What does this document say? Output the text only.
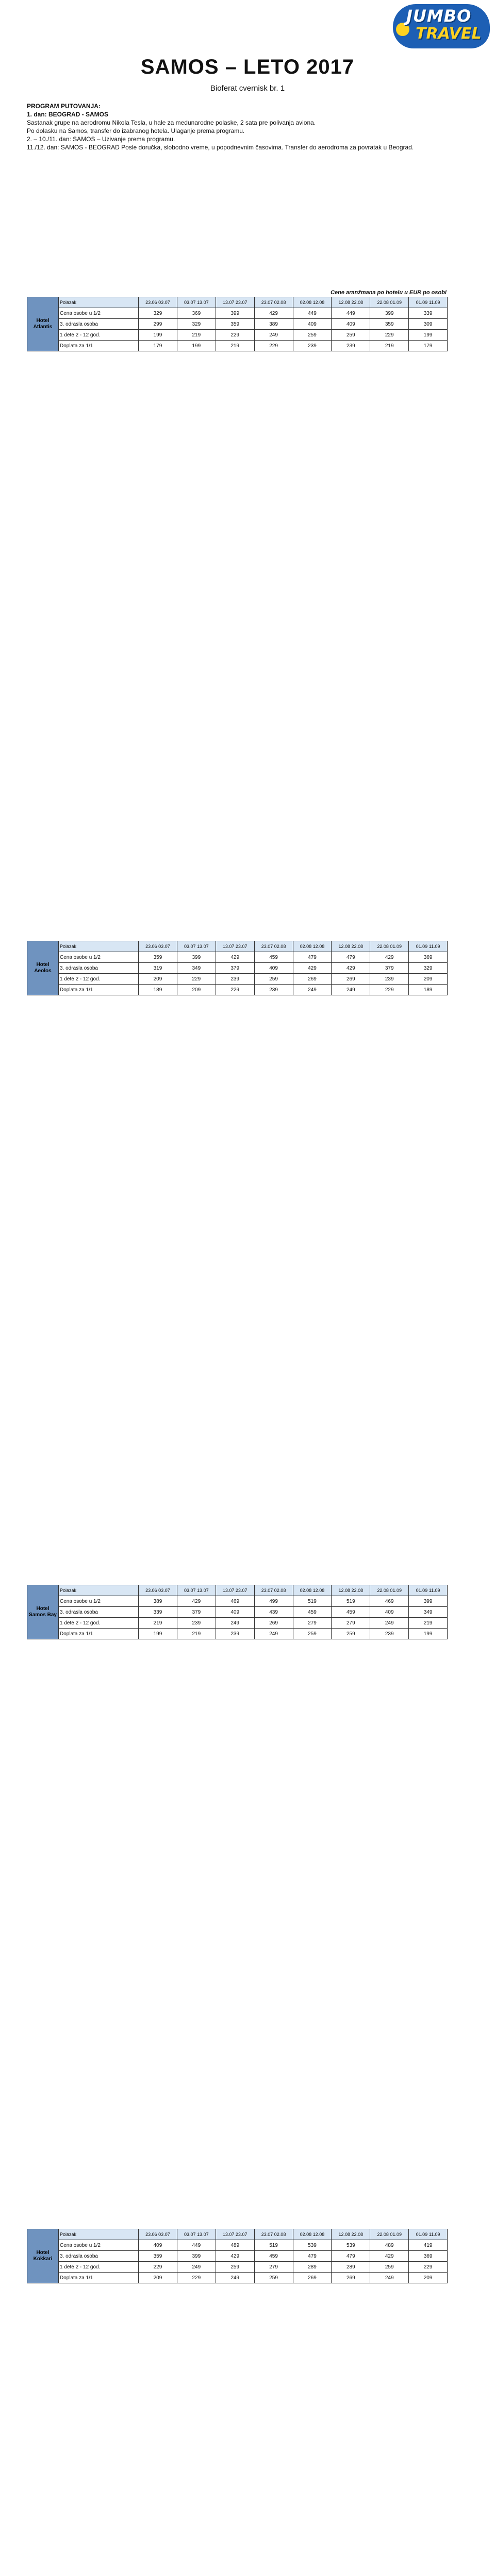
JUMBO
TRAVEL
SAMOS – LETO 2017
Bioferat cvernisk br. 1
PROGRAM PUTOVANJA:
1. dan: BEOGRAD - SAMOS
Sastanak grupe na aerodromu Nikola Tesla, u hale za medunarodne polaske, 2 sata pre polivanja aviona.
Po dolasku na Samos, transfer do izabranog hotela. Ulaganje prema programu.
2. – 10./11. dan: SAMOS – Uzivanje prema programu.
11./12. dan: SAMOS - BEOGRAD Posle doručka, slobodno vreme, u popodnevnim časovima. Transfer do aerodroma za povratak u Beograd.
Cene aranžmana po hotelu u EUR po osobi
Hotel Atlantis	Polazak	23.06 03.07	03.07 13.07	13.07 23.07	23.07 02.08	02.08 12.08	12.08 22.08	22.08 01.09	01.09 11.09
	Cena osobe u 1/2	329	369	399	429	449	449	399	339
	3. odrasla osoba	299	329	359	389	409	409	359	309
	1 dete 2 - 12 god.	199	219	229	249	259	259	229	199
	Doplata za 1/1	179	199	219	229	239	239	219	179
Hotel Aeolos	Polazak	23.06 03.07	03.07 13.07	13.07 23.07	23.07 02.08	02.08 12.08	12.08 22.08	22.08 01.09	01.09 11.09
	Cena osobe u 1/2	359	399	429	459	479	479	429	369
	3. odrasla osoba	319	349	379	409	429	429	379	329
	1 dete 2 - 12 god.	209	229	239	259	269	269	239	209
	Doplata za 1/1	189	209	229	239	249	249	229	189
Hotel Samos Bay	Polazak	23.06 03.07	03.07 13.07	13.07 23.07	23.07 02.08	02.08 12.08	12.08 22.08	22.08 01.09	01.09 11.09
	Cena osobe u 1/2	389	429	469	499	519	519	469	399
	3. odrasla osoba	339	379	409	439	459	459	409	349
	1 dete 2 - 12 god.	219	239	249	269	279	279	249	219
	Doplata za 1/1	199	219	239	249	259	259	239	199
Hotel Kokkari	Polazak	23.06 03.07	03.07 13.07	13.07 23.07	23.07 02.08	02.08 12.08	12.08 22.08	22.08 01.09	01.09 11.09
	Cena osobe u 1/2	409	449	489	519	539	539	489	419
	3. odrasla osoba	359	399	429	459	479	479	429	369
	1 dete 2 - 12 god.	229	249	259	279	289	289	259	229
	Doplata za 1/1	209	229	249	259	269	269	249	209
